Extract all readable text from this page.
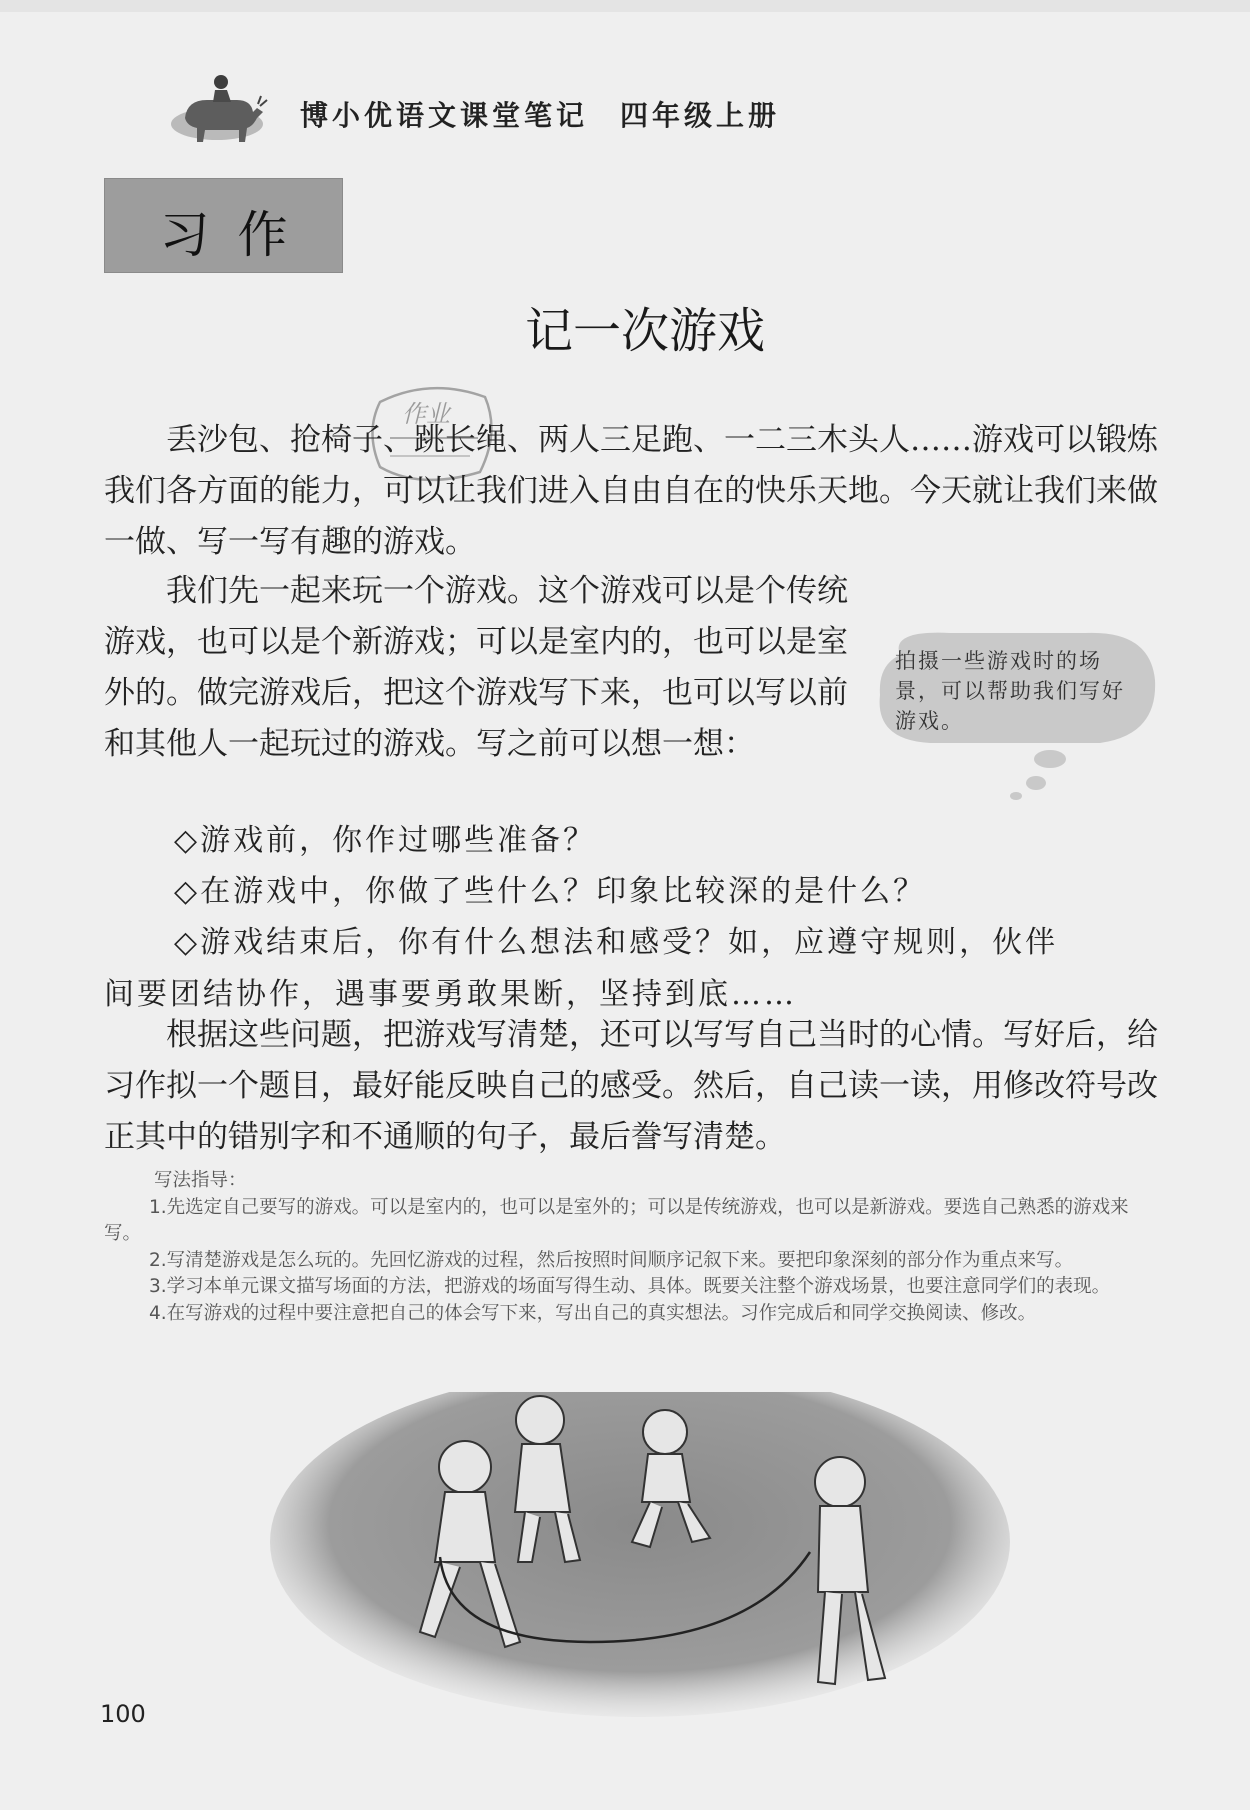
博小优语文课堂笔记　四年级上册
习作
记一次游戏
作业

丢沙包、抢椅子、跳长绳、两人三足跑、一二三木头人……游戏可以锻炼我们各方面的能力，可以让我们进入自由自在的快乐天地。今天就让我们来做一做、写一写有趣的游戏。

我们先一起来玩一个游戏。这个游戏可以是个传统游戏，也可以是个新游戏；可以是室内的，也可以是室外的。做完游戏后，把这个游戏写下来，也可以写以前和其他人一起玩过的游戏。写之前可以想一想：

拍摄一些游戏时的场景，可以帮助我们写好游戏。

◇游戏前，你作过哪些准备？

◇在游戏中，你做了些什么？印象比较深的是什么？

◇游戏结束后，你有什么想法和感受？如，应遵守规则，伙伴

间要团结协作，遇事要勇敢果断，坚持到底……

根据这些问题，把游戏写清楚，还可以写写自己当时的心情。写好后，给习作拟一个题目，最好能反映自己的感受。然后，自己读一读，用修改符号改正其中的错别字和不通顺的句子，最后誊写清楚。

写法指导：

1.先选定自己要写的游戏。可以是室内的，也可以是室外的；可以是传统游戏，也可以是新游戏。要选自己熟悉的游戏来写。

2.写清楚游戏是怎么玩的。先回忆游戏的过程，然后按照时间顺序记叙下来。要把印象深刻的部分作为重点来写。

3.学习本单元课文描写场面的方法，把游戏的场面写得生动、具体。既要关注整个游戏场景，也要注意同学们的表现。

4.在写游戏的过程中要注意把自己的体会写下来，写出自己的真实想法。习作完成后和同学交换阅读、修改。

100
